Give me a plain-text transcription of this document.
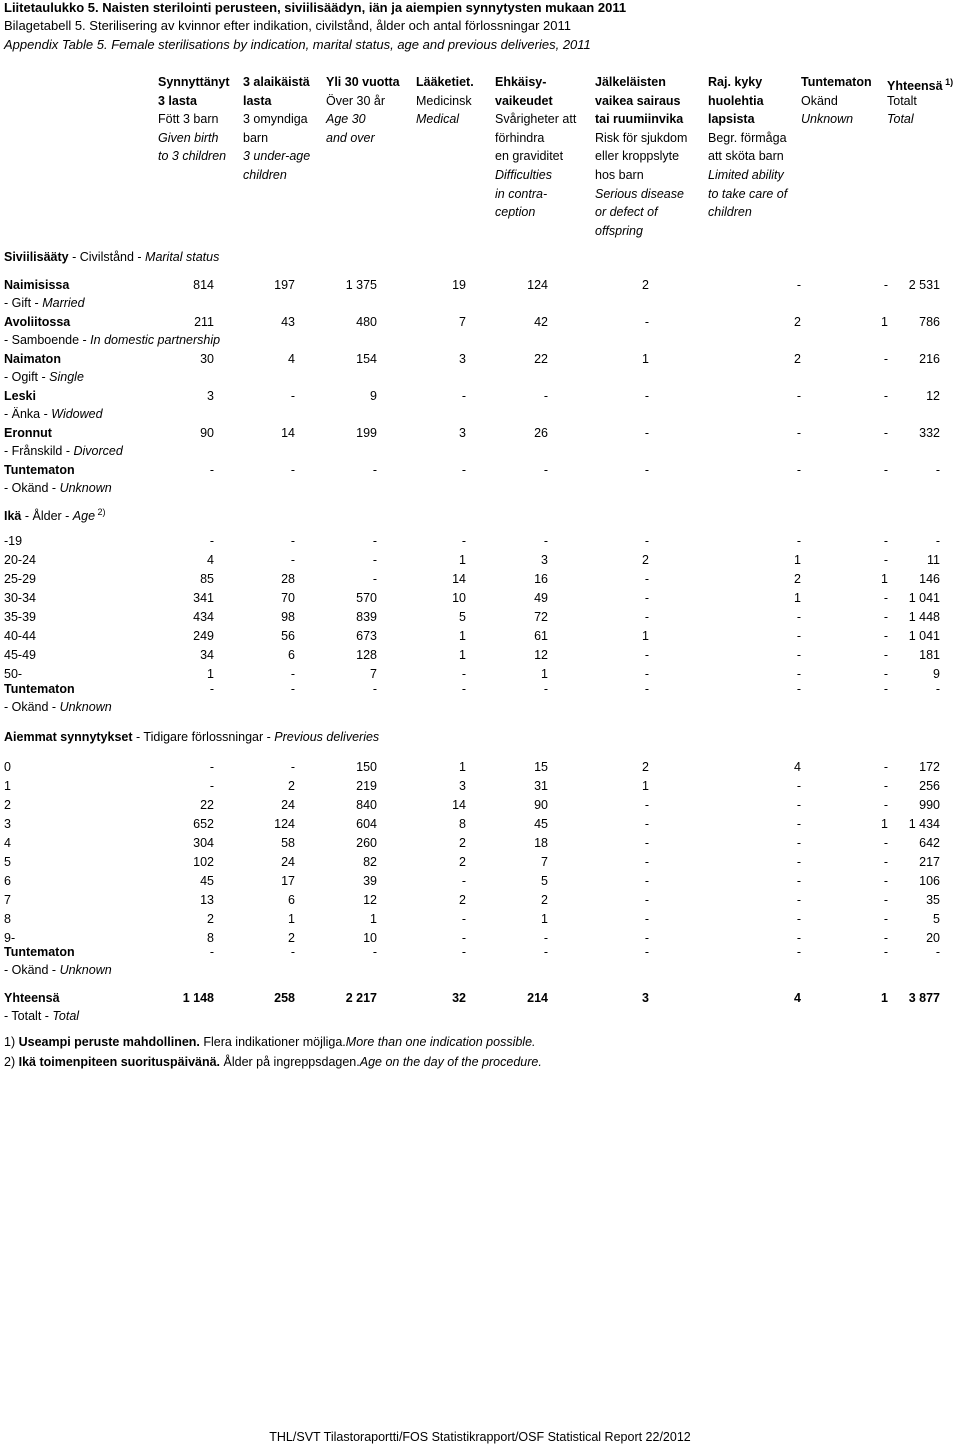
Liitetaulukko 5. Naisten sterilointi perusteen, siviilisäädyn, iän ja aiempien synnytysten mukaan 2011
Bilagetabell 5. Sterilisering av kvinnor efter indikation, civilstånd, ålder och antal förlossningar 2011
Appendix Table 5. Female sterilisations by indication, marital status, age and previous deliveries, 2011
Synnyttänyt
3 lasta
Fött 3 barn
Given birth
to 3 children
3 alaikäistä
lasta
3 omyndiga
barn
3 under-age
children
Yli 30 vuotta
Över 30 år
Age 30
and over
Lääketiet.
Medicinsk
Medical
Ehkäisy-
vaikeudet
Svårigheter att
förhindra
en graviditet
Difficulties
in contra-
ception
Jälkeläisten
vaikea sairaus
tai ruumiinvika
Risk för sjukdom
eller kroppslyte
hos barn
Serious disease
or defect of
offspring
Raj. kyky
huolehtia
lapsista
Begr. förmåga
att sköta barn
Limited ability
to take care of
children
Tuntematon
Okänd
Unknown
Yhteensä $^{1)}$
Totalt
Total
Siviilisääty - Civilstånd - Marital status
Naimisissa	814	197	1 375	19	124	2	-	-	2 531
- Gift - Married
Avoliitossa	211	43	480	7	42	-	2	1	786
- Samboende - In domestic partnership
Naimaton	30	4	154	3	22	1	2	-	216
- Ogift - Single
Leski	3	-	9	-	-	-	-	-	12
- Änka - Widowed
Eronnut	90	14	199	3	26	-	-	-	332
- Frånskild - Divorced
Tuntematon	-	-	-	-	-	-	-	-	-
- Okänd - Unknown
Ikä - Ålder - Age $^{2)}$
-19	-	-	-	-	-	-	-	-	-
20-24	4	-	-	1	3	2	1	-	11
25-29	85	28	-	14	16	-	2	1	146
30-34	341	70	570	10	49	-	1	-	1 041
35-39	434	98	839	5	72	-	-	-	1 448
40-44	249	56	673	1	61	1	-	-	1 041
45-49	34	6	128	1	12	-	-	-	181
50-	1	-	7	-	1	-	-	-	9
Tuntematon	-	-	-	-	-	-	-	-	-
- Okänd - Unknown
Aiemmat synnytykset - Tidigare förlossningar - Previous deliveries
0	-	-	150	1	15	2	4	-	172
1	-	2	219	3	31	1	-	-	256
2	22	24	840	14	90	-	-	-	990
3	652	124	604	8	45	-	-	1	1 434
4	304	58	260	2	18	-	-	-	642
5	102	24	82	2	7	-	-	-	217
6	45	17	39	-	5	-	-	-	106
7	13	6	12	2	2	-	-	-	35
8	2	1	1	-	1	-	-	-	5
9-	8	2	10	-	-	-	-	-	20
Tuntematon	-	-	-	-	-	-	-	-	-
- Okänd - Unknown
Yhteensä	1 148	258	2 217	32	214	3	4	1	3 877
- Totalt - Total
1) Useampi peruste mahdollinen. Flera indikationer möjliga.More than one indication possible.
2) Ikä toimenpiteen suorituspäivänä. Ålder på ingreppsdagen.Age on the day of the procedure.
THL/SVT Tilastoraportti/FOS Statistikrapport/OSF Statistical Report 22/2012
